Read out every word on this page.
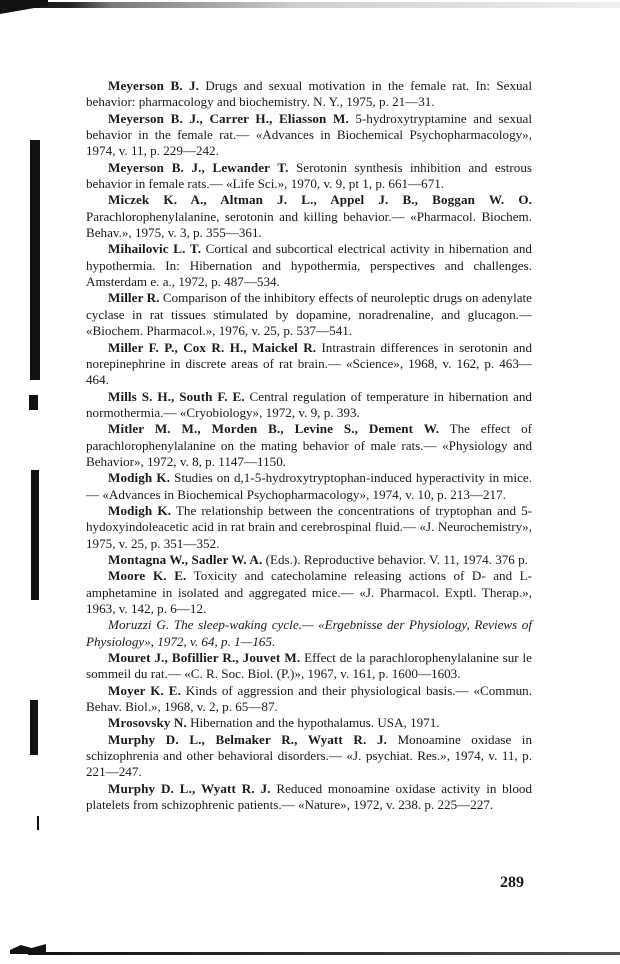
Meyerson B. J. Drugs and sexual motivation in the female rat. In: Sexual behavior: pharmacology and biochemistry. N. Y., 1975, p. 21—31.

Meyerson B. J., Carrer H., Eliasson M. 5-hydroxytryptamine and sexual behavior in the female rat.— «Advances in Biochemical Psychopharmacology», 1974, v. 11, p. 229—242.

Meyerson B. J., Lewander T. Serotonin synthesis inhibition and estrous behavior in female rats.— «Life Sci.», 1970, v. 9, pt 1, p. 661—671.

Miczek K. A., Altman J. L., Appel J. B., Boggan W. O. Parachlorophenylalanine, serotonin and killing behavior.— «Pharmacol. Biochem. Behav.», 1975, v. 3, p. 355—361.

Mihailovic L. T. Cortical and subcortical electrical activity in hibernation and hypothermia. In: Hibernation and hypothermia, perspectives and challenges. Amsterdam e. a., 1972, p. 487—534.

Miller R. Comparison of the inhibitory effects of neuroleptic drugs on adenylate cyclase in rat tissues stimulated by dopamine, noradrenaline, and glucagon.— «Biochem. Pharmacol.», 1976, v. 25, p. 537—541.

Miller F. P., Cox R. H., Maickel R. Intrastrain differences in serotonin and norepinephrine in discrete areas of rat brain.— «Science», 1968, v. 162, p. 463—464.

Mills S. H., South F. E. Central regulation of temperature in hibernation and normothermia.— «Cryobiology», 1972, v. 9, p. 393.

Mitler M. M., Morden B., Levine S., Dement W. The effect of parachlorophenylalanine on the mating behavior of male rats.— «Physiology and Behavior», 1972, v. 8, p. 1147—1150.

Modigh K. Studies on d,1-5-hydroxytryptophan-induced hyperactivity in mice.— «Advances in Biochemical Psychopharmacology», 1974, v. 10, p. 213—217.

Modigh K. The relationship between the concentrations of tryptophan and 5-hydoxyindoleacetic acid in rat brain and cerebrospinal fluid.— «J. Neurochemistry», 1975, v. 25, p. 351—352.

Montagna W., Sadler W. A. (Eds.). Reproductive behavior. V. 11, 1974. 376 p.

Moore K. E. Toxicity and catecholamine releasing actions of D- and L-amphetamine in isolated and aggregated mice.— «J. Pharmacol. Exptl. Therap.», 1963, v. 142, p. 6—12.

Moruzzi G. The sleep-waking cycle.— «Ergebnisse der Physiology, Reviews of Physiology», 1972, v. 64, p. 1—165.

Mouret J., Bofillier R., Jouvet M. Effect de la parachlorophenylalanine sur le sommeil du rat.— «C. R. Soc. Biol. (P.)», 1967, v. 161, p. 1600—1603.

Moyer K. E. Kinds of aggression and their physiological basis.— «Commun. Behav. Biol.», 1968, v. 2, p. 65—87.

Mrosovsky N. Hibernation and the hypothalamus. USA, 1971.

Murphy D. L., Belmaker R., Wyatt R. J. Monoamine oxidase in schizophrenia and other behavioral disorders.— «J. psychiat. Res.», 1974, v. 11, p. 221—247.

Murphy D. L., Wyatt R. J. Reduced monoamine oxidase activity in blood platelets from schizophrenic patients.— «Nature», 1972, v. 238. p. 225—227.

289
